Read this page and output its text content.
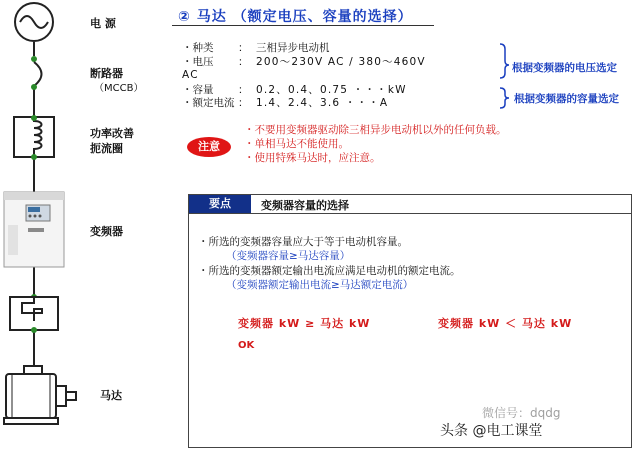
电 源
断路器
（MCCB）
功率改善
扼流圈
变频器
马达
② 马达 （额定电压、容量的选择）
・种类 ： 三相异步电动机
・电压 ： 200～230V AC / 380～460V
AC
・容量 ： 0.2、0.4、0.75 ・・・kW
・额定电流 ： 1.4、2.4、3.6 ・・・A
根据变频器的电压选定
根据变频器的容量选定
注意
・不要用变频器驱动除三相异步电动机以外的任何负载。
・单相马达不能使用。
・使用特殊马达时，应注意。
要点	变频器容量的选择
・所选的变频器容量应大于等于电动机容量。
（变频器容量≥马达容量）
・所选的变频器额定输出电流应满足电动机的额定电流。
（变频器额定输出电流≥马达额定电流）
变频器 kW ≥ 马达 kW	变频器 kW ＜ 马达 kW
OK
微信号：dqdg
头条 @电工课堂
